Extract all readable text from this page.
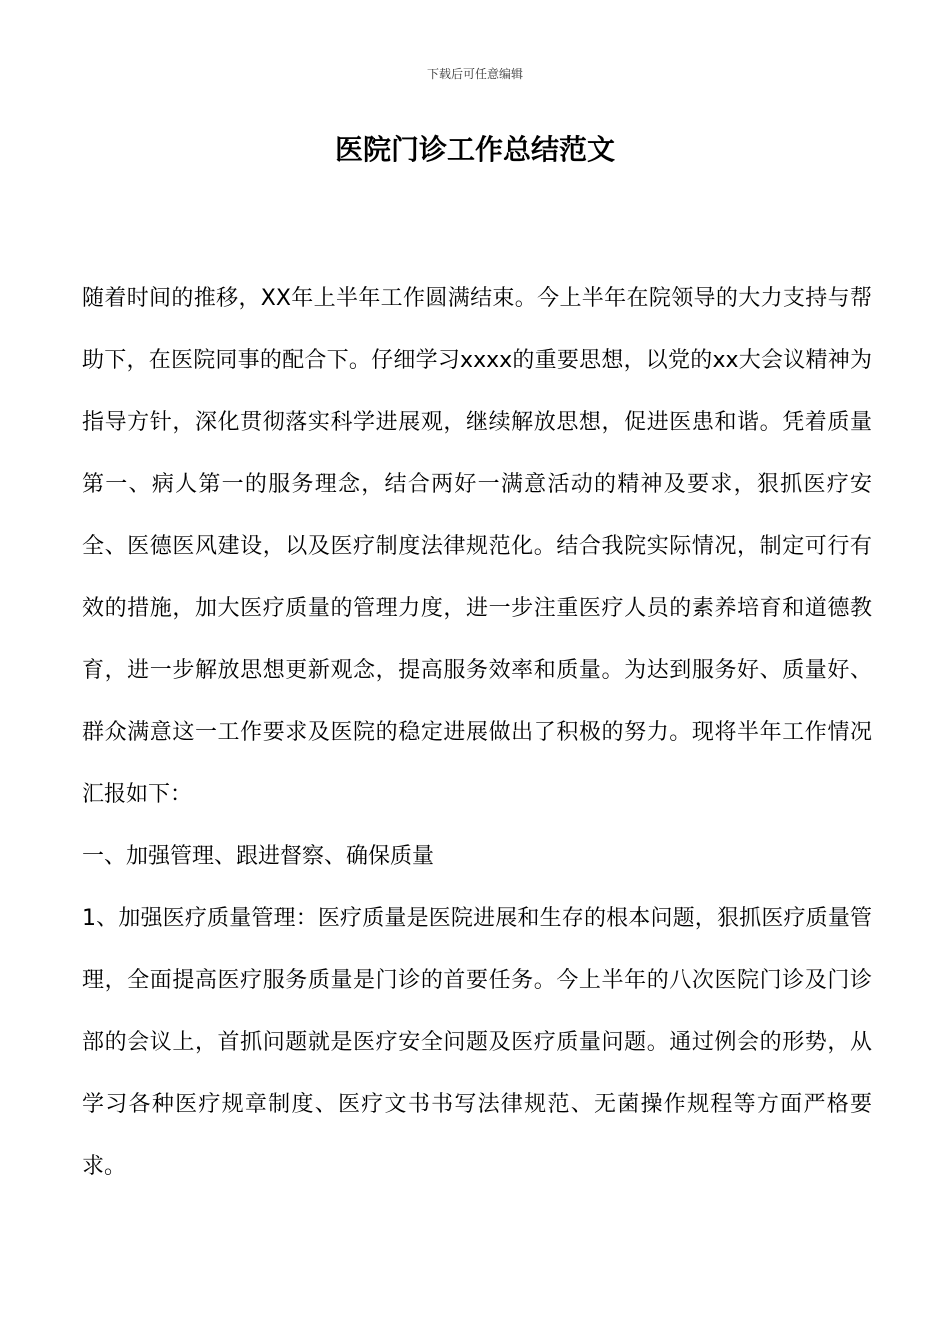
下载后可任意编辑
医院门诊工作总结范文

随着时间的推移，XX年上半年工作圆满结束。今上半年在院领导的大力支持与帮助下，在医院同事的配合下。仔细学习xxxx的重要思想，以党的xx大会议精神为指导方针，深化贯彻落实科学进展观，继续解放思想，促进医患和谐。凭着质量第一、病人第一的服务理念，结合两好一满意活动的精神及要求，狠抓医疗安全、医德医风建设，以及医疗制度法律规范化。结合我院实际情况，制定可行有效的措施，加大医疗质量的管理力度，进一步注重医疗人员的素养培育和道德教育，进一步解放思想更新观念，提高服务效率和质量。为达到服务好、质量好、群众满意这一工作要求及医院的稳定进展做出了积极的努力。现将半年工作情况汇报如下：

一、加强管理、跟进督察、确保质量

1、加强医疗质量管理：医疗质量是医院进展和生存的根本问题，狠抓医疗质量管理，全面提高医疗服务质量是门诊的首要任务。今上半年的八次医院门诊及门诊部的会议上，首抓问题就是医疗安全问题及医疗质量问题。通过例会的形势，从学习各种医疗规章制度、医疗文书书写法律规范、无菌操作规程等方面严格要求。
